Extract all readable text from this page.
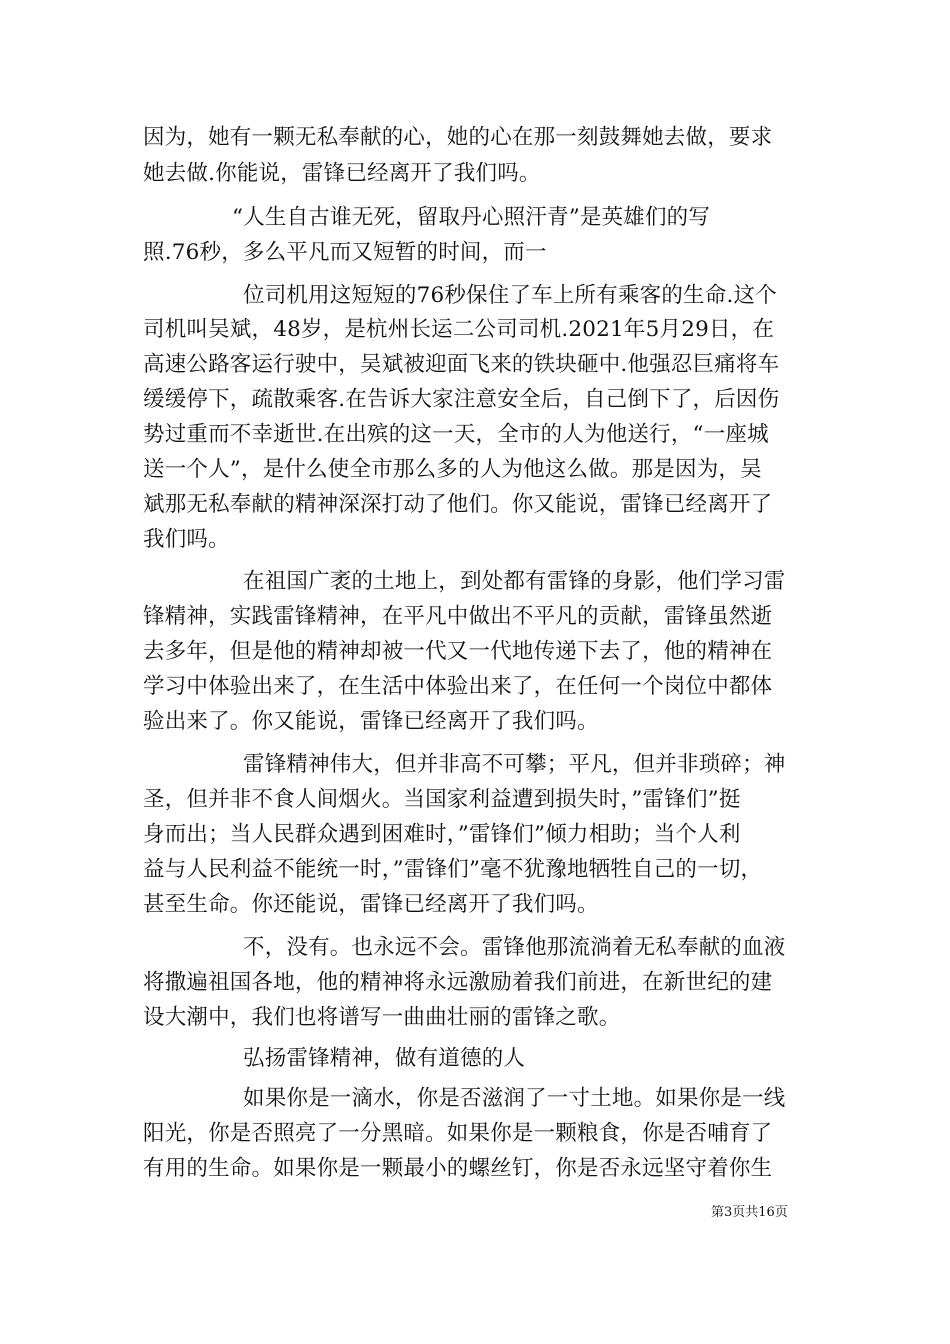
因为，她有一颗无私奉献的心，她的心在那一刻鼓舞她去做，要求
她去做.你能说，雷锋已经离开了我们吗。
“人生自古谁无死，留取丹心照汗青”是英雄们的写
照.76秒，多么平凡而又短暂的时间，而一
位司机用这短短的76秒保住了车上所有乘客的生命.这个
司机叫吴斌，48岁，是杭州长运二公司司机.2021年5月29日，在
高速公路客运行驶中，吴斌被迎面飞来的铁块砸中.他强忍巨痛将车
缓缓停下，疏散乘客.在告诉大家注意安全后，自己倒下了，后因伤
势过重而不幸逝世.在出殡的这一天，全市的人为他送行，“一座城
送一个人”，是什么使全市那么多的人为他这么做。那是因为，吴
斌那无私奉献的精神深深打动了他们。你又能说，雷锋已经离开了
我们吗。
在祖国广袤的土地上，到处都有雷锋的身影，他们学习雷
锋精神，实践雷锋精神，在平凡中做出不平凡的贡献，雷锋虽然逝
去多年，但是他的精神却被一代又一代地传递下去了，他的精神在
学习中体验出来了，在生活中体验出来了，在任何一个岗位中都体
验出来了。你又能说，雷锋已经离开了我们吗。
雷锋精神伟大，但并非高不可攀；平凡，但并非琐碎；神
圣，但并非不食人间烟火。当国家利益遭到损失时，”雷锋们”挺
身而出；当人民群众遇到困难时，”雷锋们”倾力相助；当个人利
益与人民利益不能统一时，”雷锋们”毫不犹豫地牺牲自己的一切，
甚至生命。你还能说，雷锋已经离开了我们吗。
不，没有。也永远不会。雷锋他那流淌着无私奉献的血液
将撒遍祖国各地，他的精神将永远激励着我们前进，在新世纪的建
设大潮中，我们也将谱写一曲曲壮丽的雷锋之歌。
弘扬雷锋精神，做有道德的人
如果你是一滴水，你是否滋润了一寸土地。如果你是一线
阳光，你是否照亮了一分黑暗。如果你是一颗粮食，你是否哺育了
有用的生命。如果你是一颗最小的螺丝钉，你是否永远坚守着你生
第3页共16页
